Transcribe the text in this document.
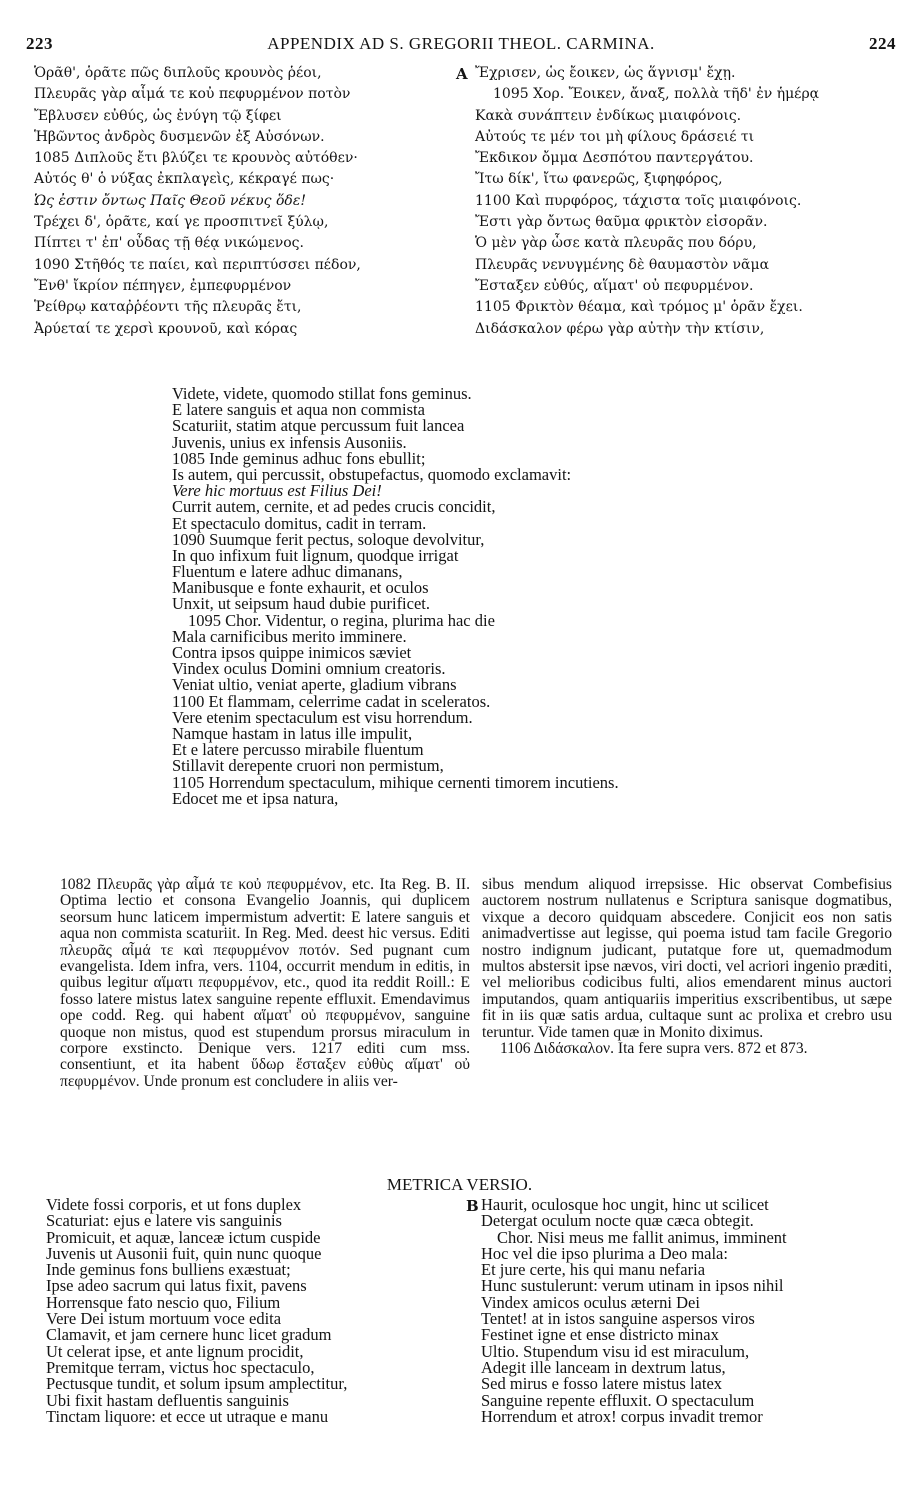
223	APPENDIX AD S. GREGORII THEOL. CARMINA.	224
Ὁρᾶθ', ὁρᾶτε πῶς διπλοῦς κρουνὸς ῥέοι,
Πλευρᾶς γὰρ αἷμά τε κοὐ πεφυρμένον ποτὸν
Ἔβλυσεν εὐθύς, ὡς ἐνύγη τῷ ξίφει
Ἡβῶντος ἀνδρὸς δυσμενῶν ἐξ Αὐσόνων.
1085 Διπλοῦς ἔτι βλύζει τε κρουνὸς αὐτόθεν·
Αὐτός θ' ὁ νύξας ἐκπλαγεὶς, κέκραγέ πως·
Ὡς ἐστιν ὄντως Παῖς Θεοῦ νέκυς ὅδε!
Τρέχει δ', ὁρᾶτε, καί γε προσπιτνεῖ ξύλῳ,
Πίπτει τ' ἐπ' οὖδας τῇ θέᾳ νικώμενος.
1090 Στῆθός τε παίει, καὶ περιπτύσσει πέδον,
Ἔνθ' ἴκρίον πέπηγεν, ἐμπεφυρμένον
Ῥείθρῳ καταῤῥέοντι τῆς πλευρᾶς ἔτι,
Ἀρύεταί τε χερσὶ κρουνοῦ, καὶ κόρας
A Ἔχρισεν, ὡς ἔοικεν, ὡς ἅγνισμ' ἔχῃ.
1095 Χορ. Ἔοικεν, ἄναξ, πολλὰ τῆδ' ἐν ἡμέρᾳ
Κακὰ συνάπτειν ἐνδίκως μιαιφόνοις.
Αὐτούς τε μέν τοι μὴ φίλους δράσειέ τι
Ἔκδικον ὄμμα Δεσπότου παντεργάτου.
Ἴτω δίκ', ἴτω φανερῶς, ξιφηφόρος,
1100 Καὶ πυρφόρος, τάχιστα τοῖς μιαιφόνοις.
Ἔστι γὰρ ὄντως θαῦμα φρικτὸν εἰσορᾶν.
Ὁ μὲν γὰρ ὧσε κατὰ πλευρᾶς που δόρυ,
Πλευρᾶς νενυγμένης δὲ θαυμαστὸν νᾶμα
Ἔσταξεν εὐθύς, αἵματ' οὐ πεφυρμένον.
1105 Φρικτὸν θέαμα, καὶ τρόμος μ' ὁρᾶν ἔχει.
Διδάσκαλον φέρω γὰρ αὐτὴν τὴν κτίσιν,
Videte, videte, quomodo stillat fons geminus.
E latere sanguis et aqua non commista
Scaturiit, statim atque percussum fuit lancea
Juvenis, unius ex infensis Ausoniis.
1085 Inde geminus adhuc fons ebullit;
Is autem, qui percussit, obstupefactus, quomodo exclamavit:
Vere hic mortuus est Filius Dei!
Currit autem, cernite, et ad pedes crucis concidit,
Et spectaculo domitus, cadit in terram.
1090 Suumque ferit pectus, soloque devolvitur,
In quo infixum fuit lignum, quodque irrigat
Fluentum e latere adhuc dimanans,
Manibusque e fonte exhaurit, et oculos
Unxit, ut seipsum haud dubie purificet.
1095 Chor. Videntur, o regina, plurima hac die
Mala carnificibus merito imminere.
Contra ipsos quippe inimicos sæviet
Vindex oculus Domini omnium creatoris.
Veniat ultio, veniat aperte, gladium vibrans
1100 Et flammam, celerrime cadat in sceleratos.
Vere etenim spectaculum est visu horrendum.
Namque hastam in latus ille impulit,
Et e latere percusso mirabile fluentum
Stillavit derepente cruori non permistum,
1105 Horrendum spectaculum, mihique cernenti timorem incutiens.
Edocet me et ipsa natura,

1082 Πλευρᾶς γὰρ αἷμά τε κοὐ πεφυρμένον, etc. Ita Reg. B. II. Optima lectio et consona Evangelio Joannis, qui duplicem seorsum hunc laticem impermistum advertit: E latere sanguis et aqua non commista scaturiit. In Reg. Med. deest hic versus. Editi πλευρᾶς αἷμά τε καὶ πεφυρμένον ποτόν. Sed pugnant cum evangelista. Idem infra, vers. 1104, occurrit mendum in editis, in quibus legitur αἵματι πεφυρμένον, etc., quod ita reddit Roill.: E fosso latere mistus latex sanguine repente effluxit. Emendavimus ope codd. Reg. qui habent αἵματ' οὐ πεφυρμένον, sanguine quoque non mistus, quod est stupendum prorsus miraculum in corpore exstincto. Denique vers. 1217 editi cum mss. consentiunt, et ita habent ὕδωρ ἔσταξεν εὐθὺς αἵματ' οὐ πεφυρμένον. Unde pronum est concludere in aliis ver-

sibus mendum aliquod irrepsisse. Hic observat Combefisius auctorem nostrum nullatenus e Scriptura sanisque dogmatibus, vixque a decoro quidquam abscedere. Conjicit eos non satis animadvertisse aut legisse, qui poema istud tam facile Gregorio nostro indignum judicant, putatque fore ut, quemadmodum multos abstersit ipse nævos, viri docti, vel acriori ingenio præditi, vel melioribus codicibus fulti, alios emendarent minus auctori imputandos, quam antiquariis imperitius exscribentibus, ut sæpe fit in iis quæ satis ardua, cultaque sunt ac prolixa et crebro usu teruntur. Vide tamen quæ in Monito diximus.

1106 Διδάσκαλον. Ita fere supra vers. 872 et 873.

METRICA VERSIO.
Videte fossi corporis, et ut fons duplex
Scaturiat: ejus e latere vis sanguinis
Promicuit, et aquæ, lanceæ ictum cuspide
Juvenis ut Ausonii fuit, quin nunc quoque
Inde geminus fons bulliens exæstuat;
Ipse adeo sacrum qui latus fixit, pavens
Horrensque fato nescio quo, Filium
Vere Dei istum mortuum voce edita
Clamavit, et jam cernere hunc licet gradum
Ut celerat ipse, et ante lignum procidit,
Premitque terram, victus hoc spectaculo,
Pectusque tundit, et solum ipsum amplectitur,
Ubi fixit hastam defluentis sanguinis
Tinctam liquore: et ecce ut utraque e manu
B Haurit, oculosque hoc ungit, hinc ut scilicet
Detergat oculum nocte quæ cæca obtegit.
Chor. Nisi meus me fallit animus, imminent
Hoc vel die ipso plurima a Deo mala:
Et jure certe, his qui manu nefaria
Hunc sustulerunt: verum utinam in ipsos nihil
Vindex amicos oculus æterni Dei
Tentet! at in istos sanguine aspersos viros
Festinet igne et ense districto minax
Ultio. Stupendum visu id est miraculum,
Adegit ille lanceam in dextrum latus,
Sed mirus e fosso latere mistus latex
Sanguine repente effluxit. O spectaculum
Horrendum et atrox! corpus invadit tremor
